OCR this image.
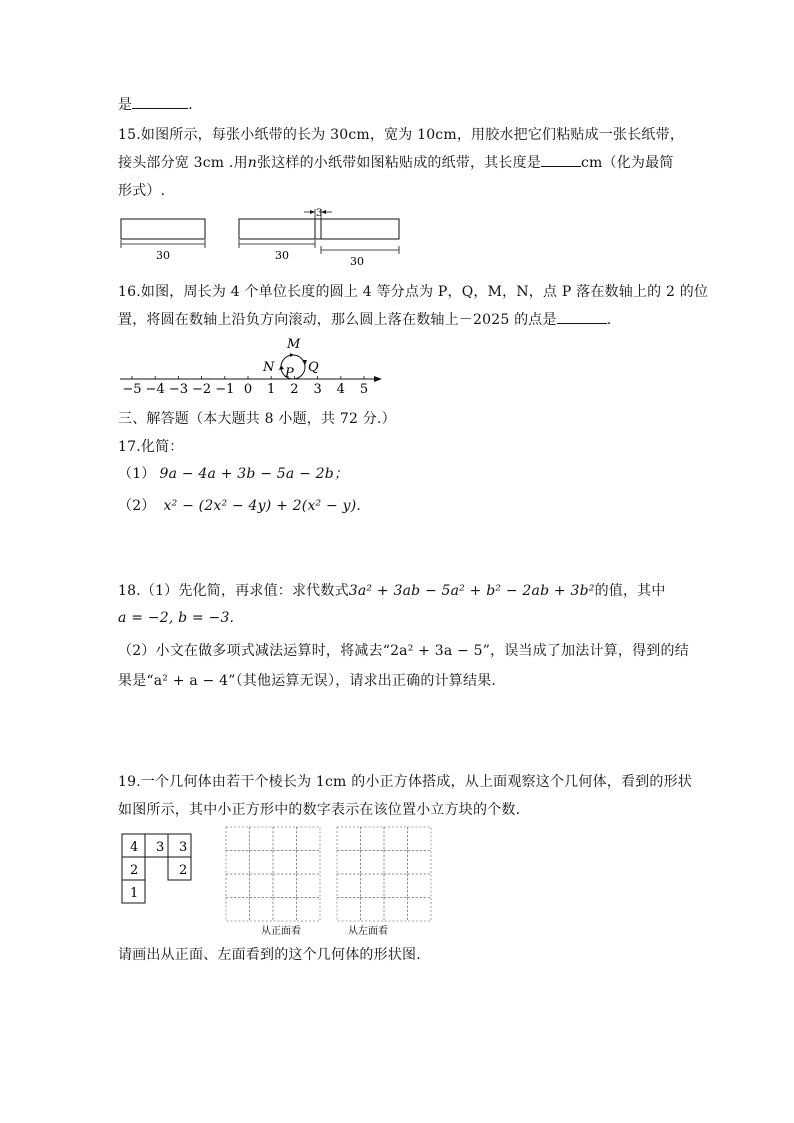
是	.
15.如图所示，每张小纸带的长为 30cm，宽为 10cm，用胶水把它们粘贴成一张长纸带，
接头部分宽 3cm .用n张这样的小纸带如图粘贴成的纸带，其长度是	cm（化为最简
形式）.
30
3
30	30
16.如图，周长为 4 个单位长度的圆上 4 等分点为 P，Q，M，N，点 P 落在数轴上的 2 的位
置，将圆在数轴上沿负方向滚动，那么圆上落在数轴上－2025 的点是	.
−5 −4 −3 −2 −1 0 1 2 3 4 5
M
N P Q
三、解答题（本大题共 8 小题，共 72 分.）
17.化简：
（1） 9a − 4a + 3b − 5a − 2b；
（2） x² − (2x² − 4y) + 2(x² − y).
18.（1）先化简，再求值：求代数式3a² + 3ab − 5a² + b² − 2ab + 3b²的值，其中
a = −2, b = −3.
（2）小文在做多项式减法运算时，将减去“2a² + 3a − 5”，误当成了加法计算，得到的结
果是“a² + a − 4”（其他运算无误），请求出正确的计算结果.
19.一个几何体由若干个棱长为 1cm 的小正方体搭成，从上面观察这个几何体，看到的形状
如图所示，其中小正方形中的数字表示在该位置小立方块的个数.
4 3 3
2	2
1
从正面看	从左面看
请画出从正面、左面看到的这个几何体的形状图.
